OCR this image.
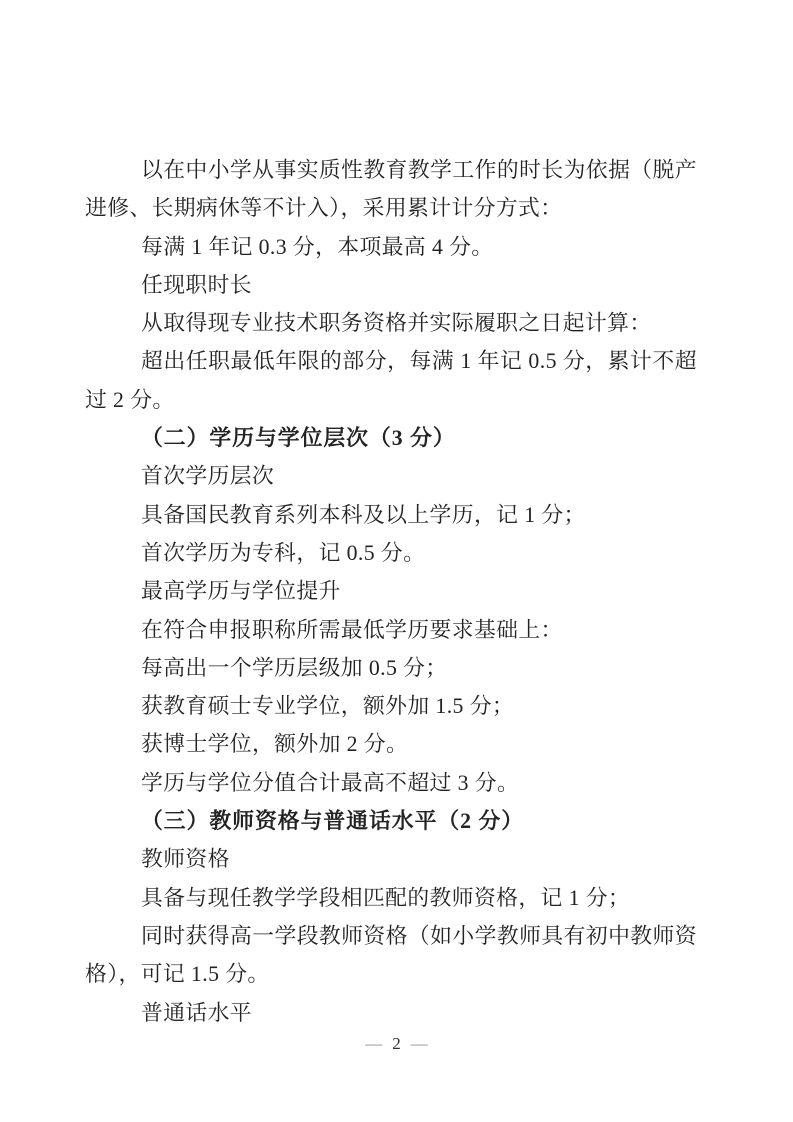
以在中小学从事实质性教育教学工作的时长为依据（脱产
进修、长期病休等不计入），采用累计计分方式：
每满 1 年记 0.3 分，本项最高 4 分。
任现职时长
从取得现专业技术职务资格并实际履职之日起计算：
超出任职最低年限的部分，每满 1 年记 0.5 分，累计不超
过 2 分。
（二）学历与学位层次（3 分）
首次学历层次
具备国民教育系列本科及以上学历，记 1 分；
首次学历为专科，记 0.5 分。
最高学历与学位提升
在符合申报职称所需最低学历要求基础上：
每高出一个学历层级加 0.5 分；
获教育硕士专业学位，额外加 1.5 分；
获博士学位，额外加 2 分。
学历与学位分值合计最高不超过 3 分。
（三）教师资格与普通话水平（2 分）
教师资格
具备与现任教学学段相匹配的教师资格，记 1 分；
同时获得高一学段教师资格（如小学教师具有初中教师资
格），可记 1.5 分。
普通话水平
— 2 —
